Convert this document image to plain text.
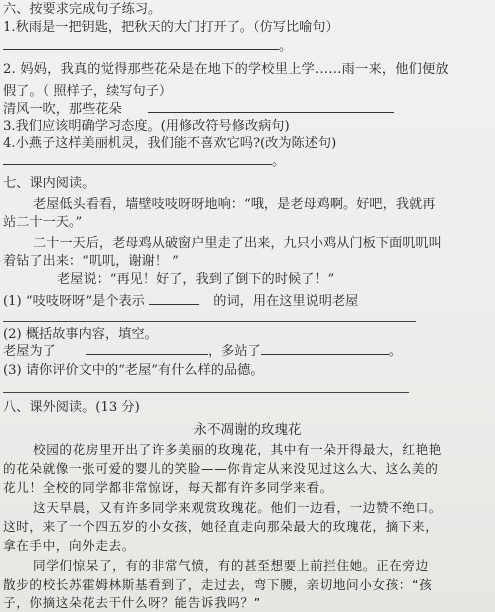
六、按要求完成句子练习。
1.秋雨是一把钥匙，把秋天的大门打开了。（仿写比喻句）
。
2. 妈妈，我真的觉得那些花朵是在地下的学校里上学……雨一来，他们便放
假了。（ 照样子，续写句子）
清风一吹，那些花朵
3.我们应该明确学习态度。(用修改符号修改病句)
4.小燕子这样美丽机灵，我们能不喜欢它吗?(改为陈述句)
。
七、课内阅读。
老屋低头看看，墙壁吱吱呀呀地响：“哦，是老母鸡啊。好吧，我就再
站二十一天。”
二十一天后，老母鸡从破窗户里走了出来，九只小鸡从门板下面叽叽叫
着钻了出来：“叽叽，谢谢！ ”
老屋说：“再见！好了，我到了倒下的时候了！”
(1) “吱吱呀呀”是个表示	的词，用在这里说明老屋
(2) 概括故事内容，填空。
老屋为了	，多站了	。
(3) 请你评价文中的“老屋”有什么样的品德。
八、课外阅读。(13 分)
永不凋谢的玫瑰花
校园的花房里开出了许多美丽的玫瑰花，其中有一朵开得最大，红艳艳
的花朵就像一张可爱的婴儿的笑脸——你肯定从来没见过这么大、这么美的
花儿！全校的同学都非常惊讶，每天都有许多同学来看。
这天早晨，又有许多同学来观赏玫瑰花。他们一边看，一边赞不绝口。
这时，来了一个四五岁的小女孩，她径直走向那朵最大的玫瑰花，摘下来，
拿在手中，向外走去。
同学们惊呆了，有的非常气愤，有的甚至想要上前拦住她。正在旁边
散步的校长苏霍姆林斯基看到了，走过去，弯下腰，亲切地问小女孩：“孩
子，你摘这朵花去干什么呀？能告诉我吗？”
